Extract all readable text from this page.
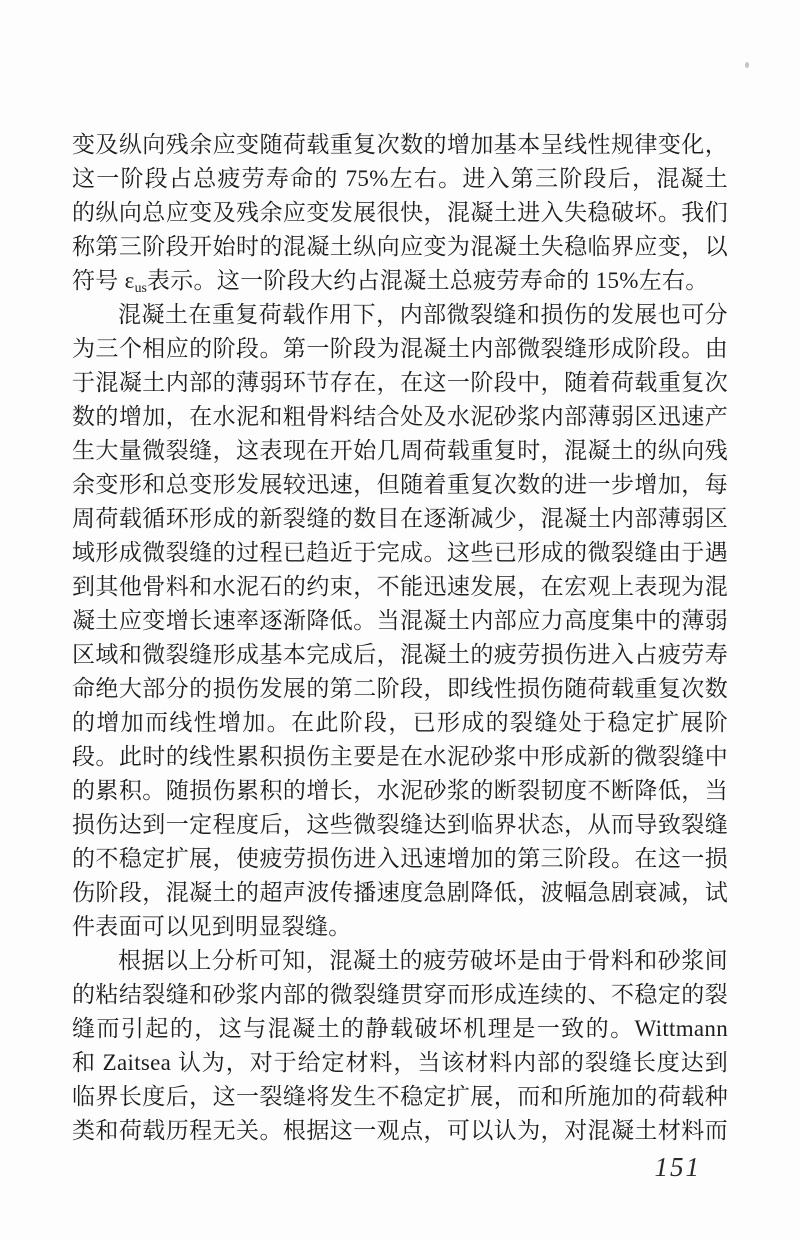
变及纵向残余应变随荷载重复次数的增加基本呈线性规律变化，
这一阶段占总疲劳寿命的 75%左右。进入第三阶段后，混凝土
的纵向总应变及残余应变发展很快，混凝土进入失稳破坏。我们
称第三阶段开始时的混凝土纵向应变为混凝土失稳临界应变，以
符号 $\varepsilon_{us}$表示。这一阶段大约占混凝土总疲劳寿命的 15%左右。
混凝土在重复荷载作用下，内部微裂缝和损伤的发展也可分
为三个相应的阶段。第一阶段为混凝土内部微裂缝形成阶段。由
于混凝土内部的薄弱环节存在，在这一阶段中，随着荷载重复次
数的增加，在水泥和粗骨料结合处及水泥砂浆内部薄弱区迅速产
生大量微裂缝，这表现在开始几周荷载重复时，混凝土的纵向残
余变形和总变形发展较迅速，但随着重复次数的进一步增加，每
周荷载循环形成的新裂缝的数目在逐渐减少，混凝土内部薄弱区
域形成微裂缝的过程已趋近于完成。这些已形成的微裂缝由于遇
到其他骨料和水泥石的约束，不能迅速发展，在宏观上表现为混
凝土应变增长速率逐渐降低。当混凝土内部应力高度集中的薄弱
区域和微裂缝形成基本完成后，混凝土的疲劳损伤进入占疲劳寿
命绝大部分的损伤发展的第二阶段，即线性损伤随荷载重复次数
的增加而线性增加。在此阶段，已形成的裂缝处于稳定扩展阶
段。此时的线性累积损伤主要是在水泥砂浆中形成新的微裂缝中
的累积。随损伤累积的增长，水泥砂浆的断裂韧度不断降低，当
损伤达到一定程度后，这些微裂缝达到临界状态，从而导致裂缝
的不稳定扩展，使疲劳损伤进入迅速增加的第三阶段。在这一损
伤阶段，混凝土的超声波传播速度急剧降低，波幅急剧衰减，试
件表面可以见到明显裂缝。
根据以上分析可知，混凝土的疲劳破坏是由于骨料和砂浆间
的粘结裂缝和砂浆内部的微裂缝贯穿而形成连续的、不稳定的裂
缝而引起的，这与混凝土的静载破坏机理是一致的。Wittmann
和 Zaitsea 认为，对于给定材料，当该材料内部的裂缝长度达到
临界长度后，这一裂缝将发生不稳定扩展，而和所施加的荷载种
类和荷载历程无关。根据这一观点，可以认为，对混凝土材料而
151
